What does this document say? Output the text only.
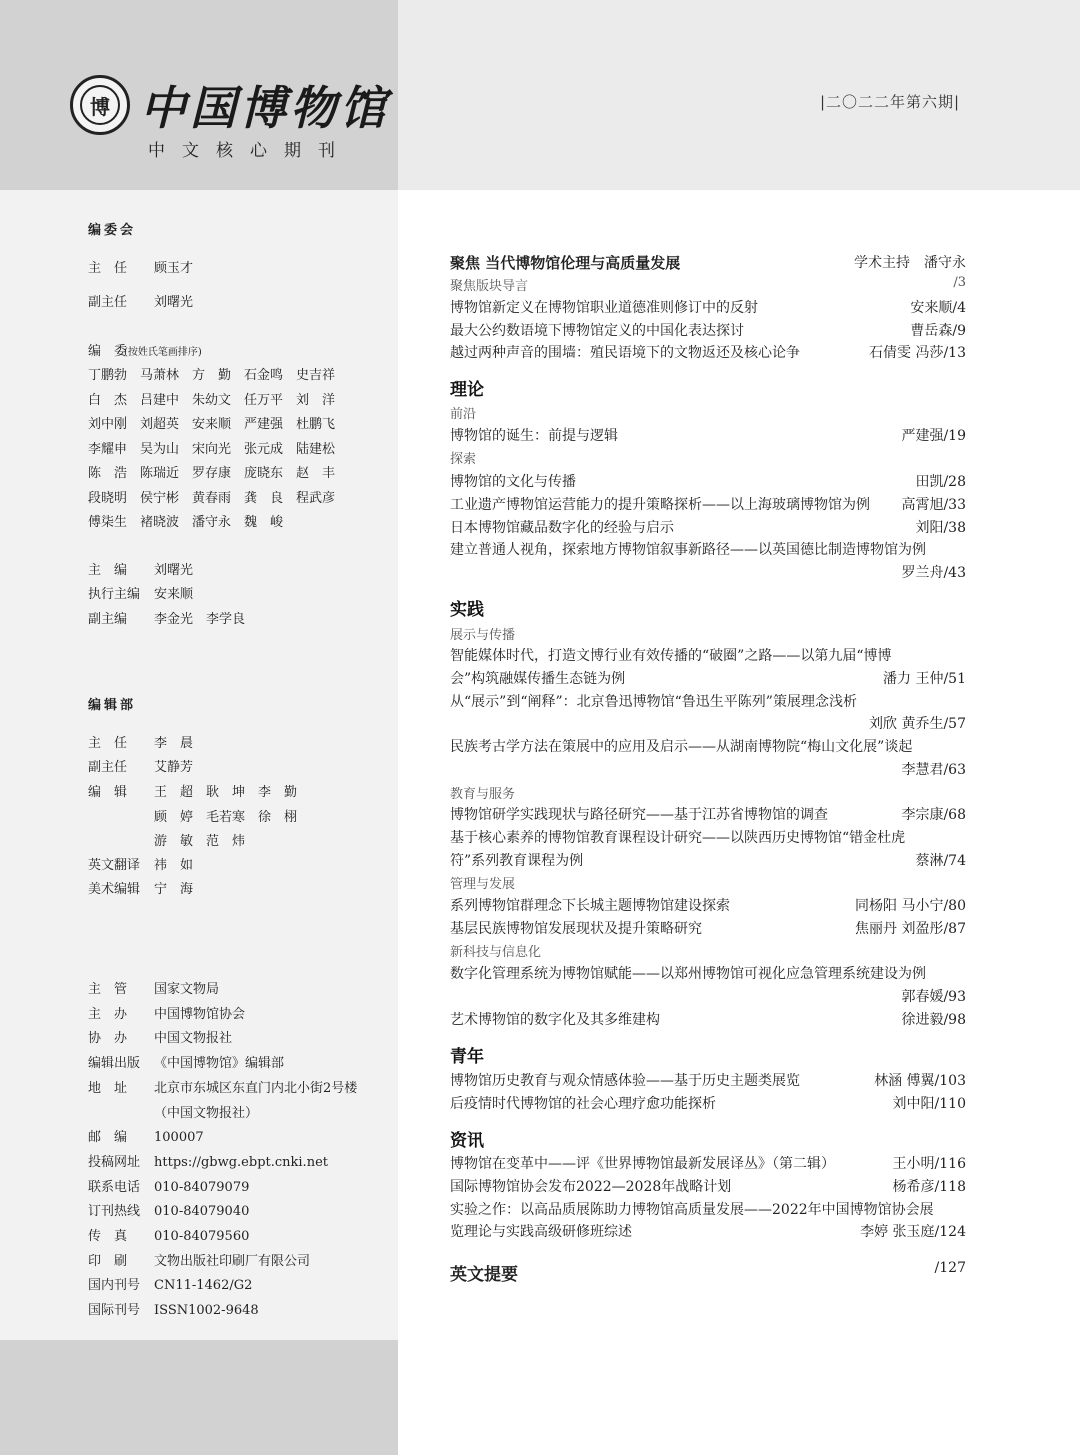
博 中国博物馆
中文核心期刊
|二〇二二年第六期|
编委会
主　任 顾玉才
副主任 刘曙光
编　委(按姓氏笔画排序)
丁鹏勃 马萧林 方　勤 石金鸣 史吉祥
白　杰 吕建中 朱幼文 任万平 刘　洋
刘中刚 刘超英 安来顺 严建强 杜鹏飞
李耀申 吴为山 宋向光 张元成 陆建松
陈　浩 陈瑞近 罗存康 庞晓东 赵　丰
段晓明 侯宁彬 黄春雨 龚　良 程武彦
傅柒生 褚晓波 潘守永 魏　峻
主　编 刘曙光
执行主编 安来顺
副主编 李金光　李学良
编辑部
主　任 李　晨
副主任 艾静芳
编　辑 王　超 耿　坤 李　勤
顾　婷 毛若寒 徐　栩
游　敏 范　炜
英文翻译 祎　如
美术编辑 宁　海
主　管 国家文物局
主　办 中国博物馆协会
协　办 中国文物报社
编辑出版 《中国博物馆》编辑部
地　址 北京市东城区东直门内北小街2号楼
（中国文物报社）
邮　编 100007
投稿网址 https://gbwg.ebpt.cnki.net
联系电话 010-84079079
订刊热线 010-84079040
传　真 010-84079560
印　刷 文物出版社印刷厂有限公司
国内刊号 CN11-1462/G2
国际刊号 ISSN1002-9648
聚焦 当代博物馆伦理与高质量发展	学术主持　潘守永
聚焦版块导言	/3
博物馆新定义在博物馆职业道德准则修订中的反射	安来顺/4
最大公约数语境下博物馆定义的中国化表达探讨	曹岳森/9
越过两种声音的围墙：殖民语境下的文物返还及核心论争	石倩雯 冯莎/13
理论
前沿
博物馆的诞生：前提与逻辑	严建强/19
探索
博物馆的文化与传播	田凯/28
工业遗产博物馆运营能力的提升策略探析——以上海玻璃博物馆为例 高霄旭/33
日本博物馆藏品数字化的经验与启示	刘阳/38
建立普通人视角，探索地方博物馆叙事新路径——以英国德比制造博物馆为例
罗兰舟/43
实践
展示与传播
智能媒体时代，打造文博行业有效传播的“破圈”之路——以第九届“博博
会”构筑融媒传播生态链为例	潘力 王仲/51
从“展示”到“阐释”：北京鲁迅博物馆“鲁迅生平陈列”策展理念浅析
刘欣 黄乔生/57
民族考古学方法在策展中的应用及启示——从湖南博物院“梅山文化展”谈起
李慧君/63
教育与服务
博物馆研学实践现状与路径研究——基于江苏省博物馆的调查	李宗康/68
基于核心素养的博物馆教育课程设计研究——以陕西历史博物馆“错金杜虎
符”系列教育课程为例	蔡淋/74
管理与发展
系列博物馆群理念下长城主题博物馆建设探索	同杨阳 马小宁/80
基层民族博物馆发展现状及提升策略研究	焦丽丹 刘盈彤/87
新科技与信息化
数字化管理系统为博物馆赋能——以郑州博物馆可视化应急管理系统建设为例
郭春媛/93
艺术博物馆的数字化及其多维建构	徐进毅/98
青年
博物馆历史教育与观众情感体验——基于历史主题类展览	林涵 傅翼/103
后疫情时代博物馆的社会心理疗愈功能探析	刘中阳/110
资讯
博物馆在变革中——评《世界博物馆最新发展译丛》（第二辑）	王小明/116
国际博物馆协会发布2022—2028年战略计划	杨希彦/118
实验之作：以高品质展陈助力博物馆高质量发展——2022年中国博物馆协会展
览理论与实践高级研修班综述	李婷 张玉庭/124
英文提要	/127
